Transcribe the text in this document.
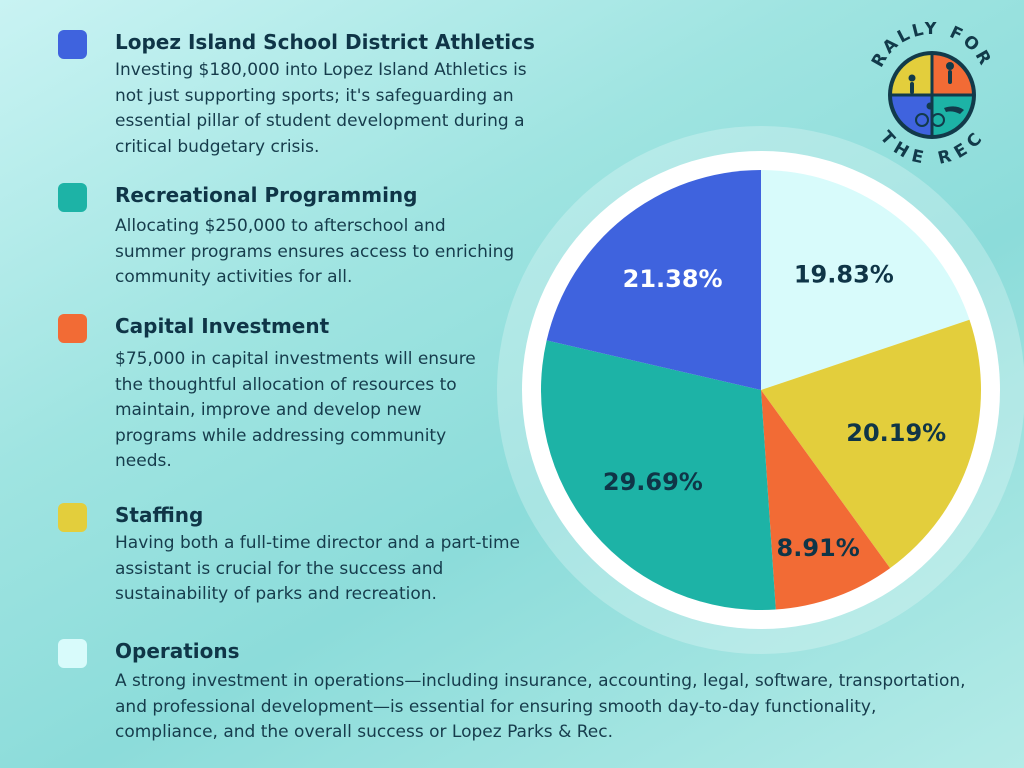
Lopez Island School District Athletics

Investing $180,000 into Lopez Island Athletics is not just supporting sports; it's safeguarding an essential pillar of student development during a critical budgetary crisis.

Recreational Programming

Allocating $250,000 to afterschool and summer programs ensures access to enriching community activities for all.

Capital Investment

$75,000 in capital investments will ensure the thoughtful allocation of resources to maintain, improve and develop new programs while addressing community needs.

Staffing

Having both a full-time director and a part-time assistant is crucial for the success and sustainability of parks and recreation.

Operations

A strong investment in operations—including insurance, accounting, legal, software, transportation, and professional development—is essential for ensuring smooth day-to-day functionality, compliance, and the overall success or Lopez Parks & Rec.

19.83%
20.19%
8.91%
29.69%
21.38%
RALLY FOR
THE REC
